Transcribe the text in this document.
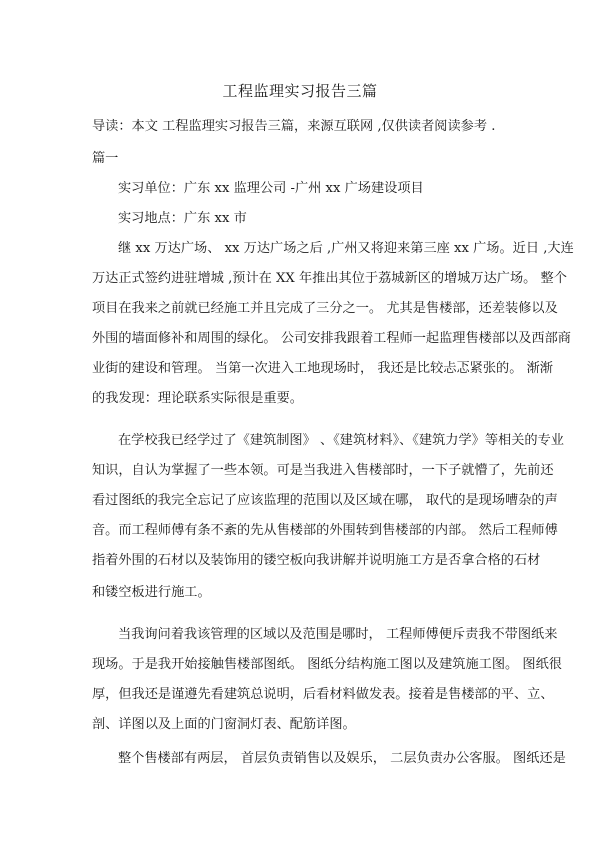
工程监理实习报告三篇
导读：本文 工程监理实习报告三篇，来源互联网 ,仅供读者阅读参考 .
篇一
实习单位：广东 xx 监理公司 -广州 xx 广场建设项目
实习地点：广东 xx 市
继 xx 万达广场、 xx 万达广场之后 ,广州又将迎来第三座 xx 广场。近日 ,大连
万达正式签约进驻增城 ,预计在 XX 年推出其位于荔城新区的增城万达广场。 整个
项目在我来之前就已经施工并且完成了三分之一。 尤其是售楼部，还差装修以及
外围的墙面修补和周围的绿化。 公司安排我跟着工程师一起监理售楼部以及西部商
业街的建设和管理。 当第一次进入工地现场时， 我还是比较忐忑紧张的。 渐渐
的我发现：理论联系实际很是重要。
在学校我已经学过了《建筑制图》 、《建筑材料》、《建筑力学》等相关的专业
知识，自认为掌握了一些本领。可是当我进入售楼部时，一下子就懵了，先前还
看过图纸的我完全忘记了应该监理的范围以及区域在哪， 取代的是现场嘈杂的声
音。而工程师傅有条不紊的先从售楼部的外围转到售楼部的内部。 然后工程师傅
指着外围的石材以及装饰用的镂空板向我讲解并说明施工方是否拿合格的石材
和镂空板进行施工。
当我询问着我该管理的区域以及范围是哪时， 工程师傅便斥责我不带图纸来
现场。于是我开始接触售楼部图纸。 图纸分结构施工图以及建筑施工图。 图纸很
厚，但我还是谨遵先看建筑总说明，后看材料做发表。接着是售楼部的平、立、
剖、详图以及上面的门窗洞灯表、配筋详图。
整个售楼部有两层， 首层负责销售以及娱乐， 二层负责办公客服。 图纸还是
